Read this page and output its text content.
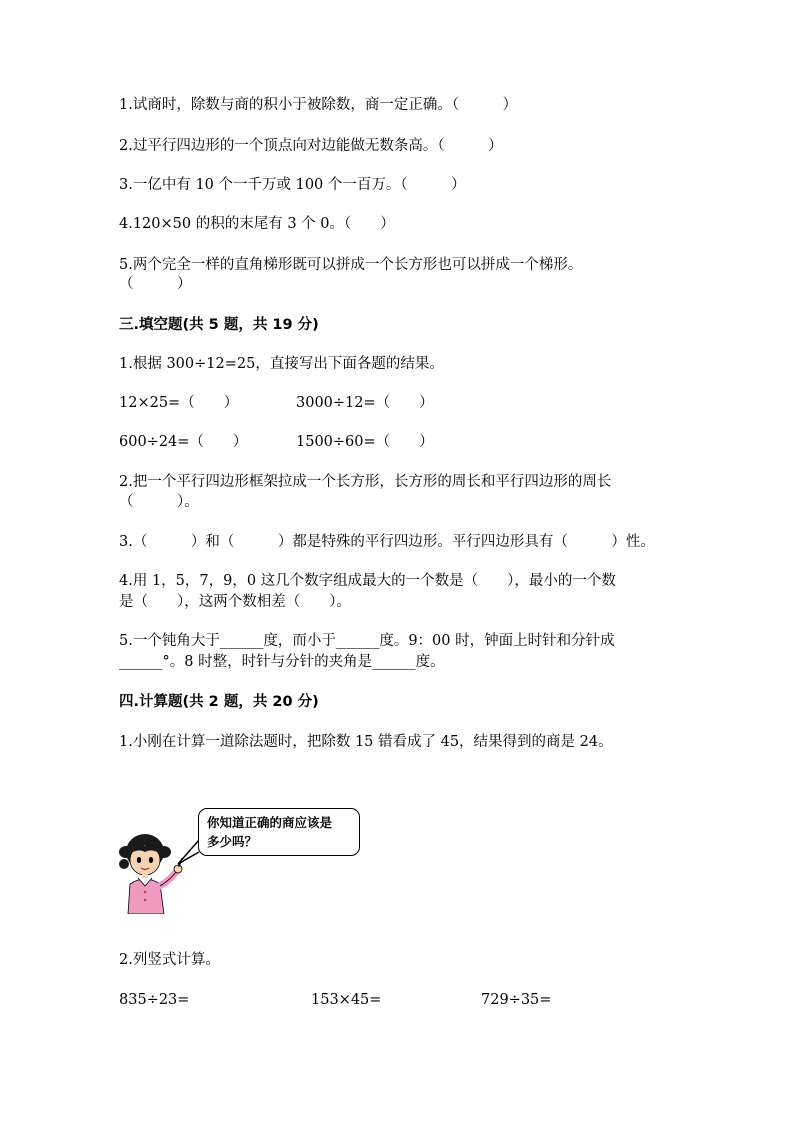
1.试商时，除数与商的积小于被除数，商一定正确。（　　　）
2.过平行四边形的一个顶点向对边能做无数条高。（　　　）
3.一亿中有 10 个一千万或 100 个一百万。（　　　）
4.120×50 的积的末尾有 3 个 0。（　　）
5.两个完全一样的直角梯形既可以拼成一个长方形也可以拼成一个梯形。
（　　　）
三.填空题(共 5 题，共 19 分)
1.根据 300÷12=25，直接写出下面各题的结果。
12×25=（　　）	3000÷12=（　　）
600÷24=（　　）	1500÷60=（　　）
2.把一个平行四边形框架拉成一个长方形，长方形的周长和平行四边形的周长
（　　　）。
3.（　　　）和（　　　）都是特殊的平行四边形。平行四边形具有（　　　）性。
4.用 1，5，7，9，0 这几个数字组成最大的一个数是（　　），最小的一个数
是（　　），这两个数相差（　　）。
5.一个钝角大于______度，而小于______度。9：00 时，钟面上时针和分针成
______°。8 时整，时针与分针的夹角是______度。
四.计算题(共 2 题，共 20 分)
1.小刚在计算一道除法题时，把除数 15 错看成了 45，结果得到的商是 24。
你知道正确的商应该是
多少吗？
2.列竖式计算。
835÷23=	153×45=	729÷35=
